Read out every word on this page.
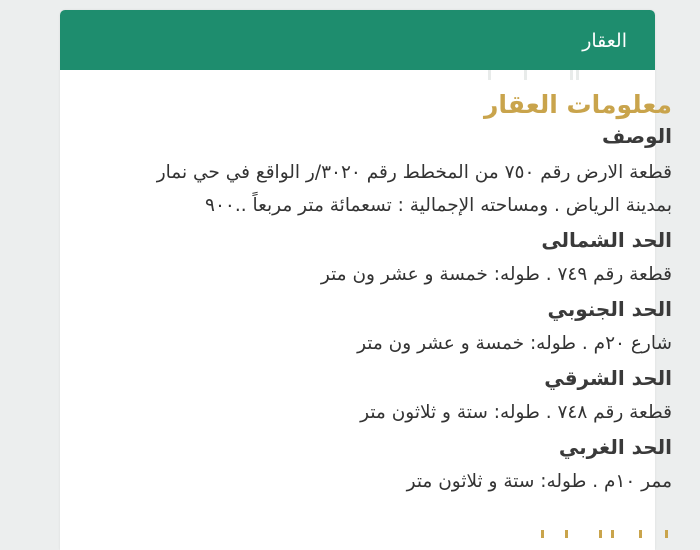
العقار
معلومات العقار

الوصف

قطعة الارض رقم ٧٥٠ من المخطط رقم ٣٠٢٠/ر الواقع في حي نمار بمدينة الرياض . ومساحته الإجمالية : تسعمائة متر مربعاً ..٩٠٠

الحد الشمالى

قطعة رقم ٧٤٩ . طوله: خمسة و عشر ون متر

الحد الجنوبي

شارع ٢٠م . طوله: خمسة و عشر ون متر

الحد الشرقي

قطعة رقم ٧٤٨ . طوله: ستة و ثلاثون متر

الحد الغربي

ممر ١٠م . طوله: ستة و ثلاثون متر
